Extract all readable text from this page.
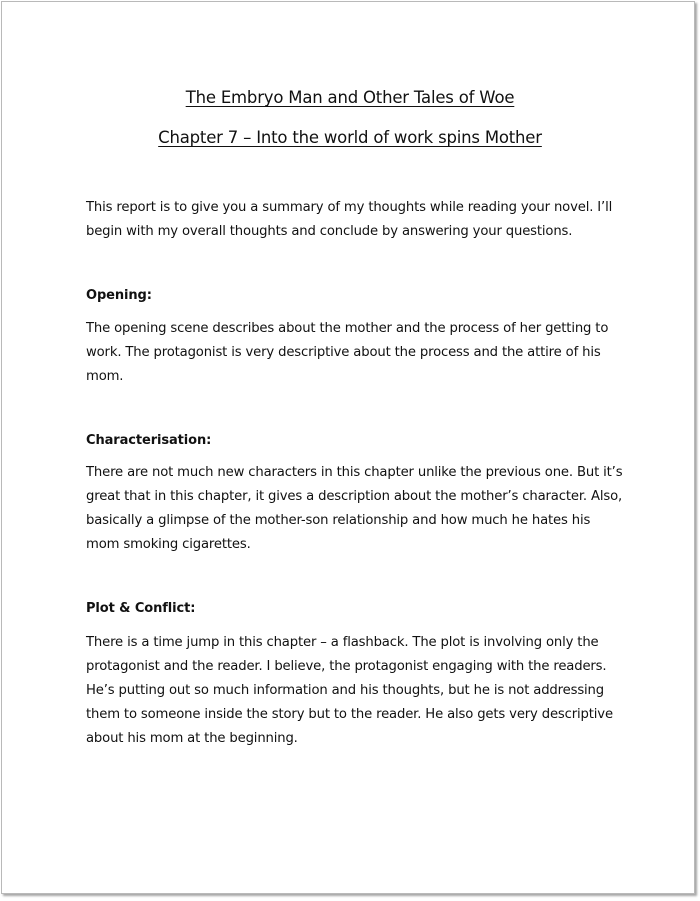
The Embryo Man and Other Tales of Woe
Chapter 7 – Into the world of work spins Mother
This report is to give you a summary of my thoughts while reading your novel. I’ll begin with my overall thoughts and conclude by answering your questions.
Opening:
The opening scene describes about the mother and the process of her getting to work. The protagonist is very descriptive about the process and the attire of his mom.
Characterisation:
There are not much new characters in this chapter unlike the previous one. But it’s great that in this chapter, it gives a description about the mother’s character. Also, basically a glimpse of the mother-son relationship and how much he hates his mom smoking cigarettes.
Plot & Conflict:
There is a time jump in this chapter – a flashback. The plot is involving only the protagonist and the reader. I believe, the protagonist engaging with the readers. He’s putting out so much information and his thoughts, but he is not addressing them to someone inside the story but to the reader. He also gets very descriptive about his mom at the beginning.
